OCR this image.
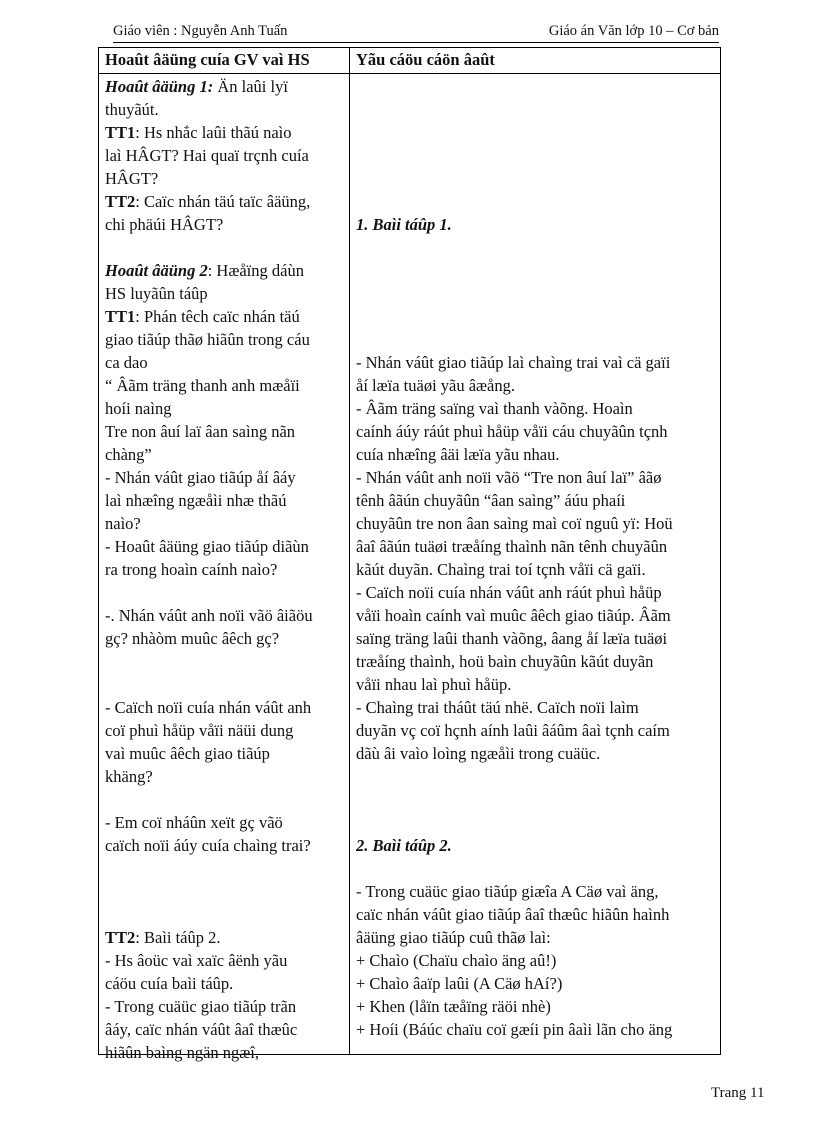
Giáo viên : Nguyễn Anh Tuấn	Giáo án Văn lớp 10 – Cơ bản
Hoaût âäüng cuía GV vaì HS	Yãu cáöu cáön âaût
Hoaût âäüng 1: Än laûi lyï
thuyãút.
TT1: Hs nhắc laûi thãú naìo
laì HÂGT? Hai quaï trçnh cuía
HÂGT?
TT2: Caïc nhán täú taïc âäüng,
chi phäúi HÂGT?
Hoaût âäüng 2: Hæåïng dáùn
HS luyãûn táûp
TT1: Phán têch caïc nhán täú
giao tiãúp thãø hiãûn trong cáu
ca dao
“ Âãm träng thanh anh mæåïi
hoíi naìng
Tre non âuí laï âan saìng nãn
chàng”
- Nhán váût giao tiãúp åí âáy
laì nhæîng ngæåìi nhæ thãú
naìo?
- Hoaût âäüng giao tiãúp diãùn
ra trong hoaìn caính naìo?
-. Nhán váût anh noïi vãö âiãöu
gç? nhàòm muûc âêch gç?
- Caïch noïi cuía nhán váût anh
coï phuì håüp våïi näüi dung
vaì muûc âêch giao tiãúp
khäng?
- Em coï nháûn xeït gç vãö
caïch noïi áúy cuía chaìng trai?
TT2: Baìi táûp 2.
- Hs âoüc vaì xaïc âënh yãu
cáöu cuía baìi táûp.
- Trong cuäüc giao tiãúp trãn
âáy, caïc nhán váût âaî thæûc
hiãûn baìng ngän ngæî,
1. Baìi táûp 1.
- Nhán váût giao tiãúp laì chaìng trai vaì cä gaïi
åí læïa tuäøi yãu âæång.
- Âãm träng saïng vaì thanh vàõng. Hoaìn
caính áúy ráút phuì håüp våïi cáu chuyãûn tçnh
cuía nhæîng âäi læïa yãu nhau.
- Nhán váût anh noïi vãö “Tre non âuí laï” âãø
tênh âãún chuyãûn “âan saìng” áúu phaíi
chuyãûn tre non âan saìng maì coï nguû yï: Hoü
âaî âãún tuäøi træåíng thaình nãn tênh chuyãûn
kãút duyãn. Chaìng trai toí tçnh våïi cä gaïi.
- Caïch noïi cuía nhán váût anh ráút phuì håüp
våïi hoaìn caính vaì muûc âêch giao tiãúp. Âãm
saïng träng laûi thanh vàõng, âang åí læïa tuäøi
træåíng thaình, hoü baìn chuyãûn kãút duyãn
våïi nhau laì phuì håüp.
- Chaìng trai tháût täú nhë. Caïch noïi laìm
duyãn vç coï hçnh aính laûi âáûm âaì tçnh caím
dãù âi vaìo loìng ngæåìi trong cuäüc.
2. Baìi táûp 2.
- Trong cuäüc giao tiãúp giæîa A Cäø vaì äng,
caïc nhán váût giao tiãúp âaî thæûc hiãûn haình
âäüng giao tiãúp cuû thãø laì:
+ Chaìo (Chaïu chaìo äng aû!)
+ Chaìo âaïp laûi (A Cäø hAí?)
+ Khen (låïn tæåïng räöi nhè)
+ Hoíi (Báúc chaïu coï gæíi pin âaìi lãn cho äng
Trang 11
